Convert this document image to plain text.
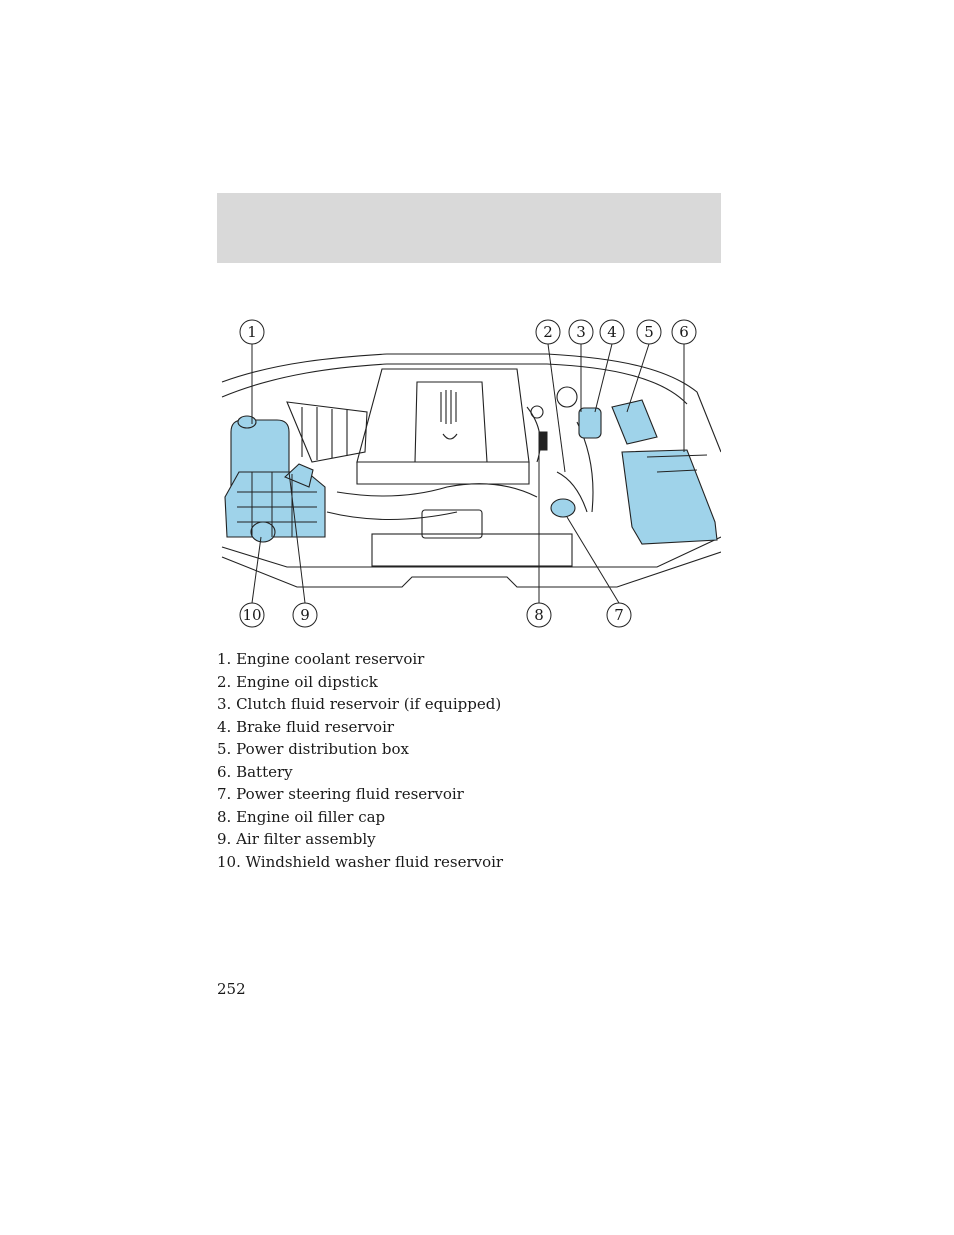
1	2 3 4 5 6
7
8
9
10
1. Engine coolant reservoir
2. Engine oil dipstick
3. Clutch fluid reservoir (if equipped)
4. Brake fluid reservoir
5. Power distribution box
6. Battery
7. Power steering fluid reservoir
8. Engine oil filler cap
9. Air filter assembly
10. Windshield washer fluid reservoir
252
